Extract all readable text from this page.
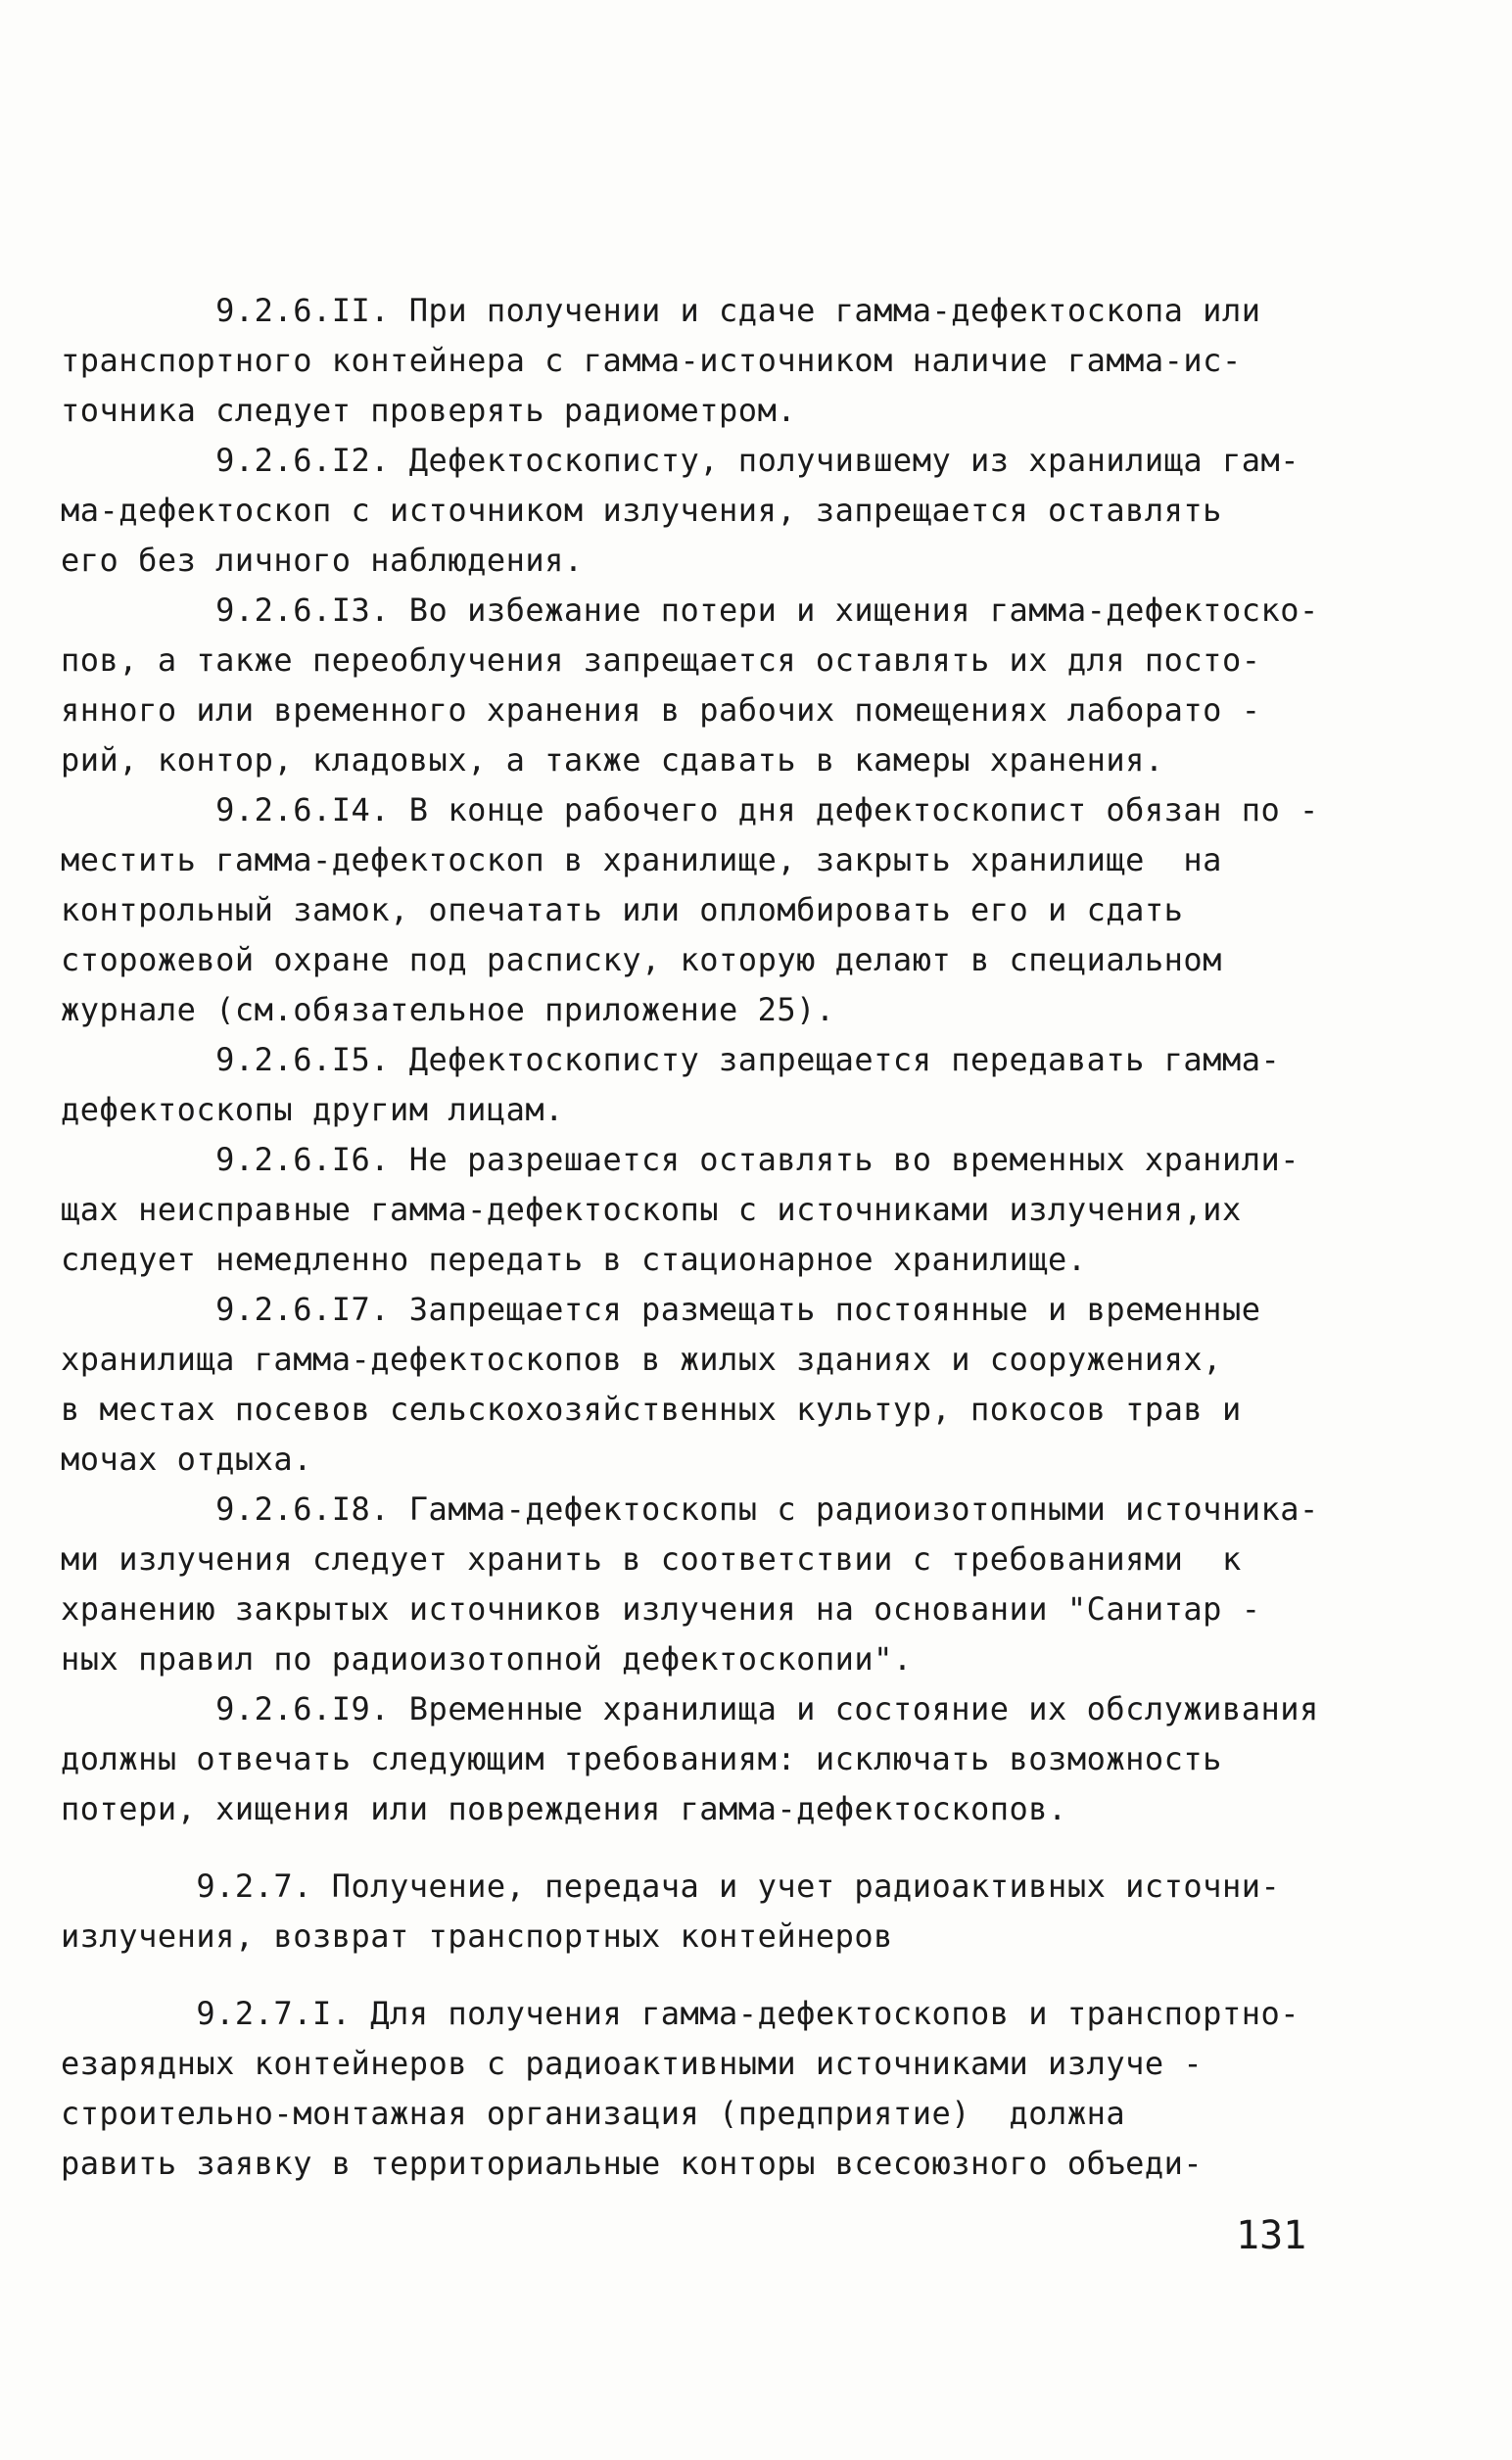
9.2.6.II. При получении и сдаче гамма-дефектоскопа или
транспортного контейнера с гамма-источником наличие гамма-ис-
точника следует проверять радиометром.
9.2.6.I2. Дефектоскописту, получившему из хранилища гам-
ма-дефектоскоп с источником излучения, запрещается оставлять
его без личного наблюдения.
9.2.6.I3. Во избежание потери и хищения гамма-дефектоско-
пов, а также переоблучения запрещается оставлять их для посто-
янного или временного хранения в рабочих помещениях лаборато -
рий, контор, кладовых, а также сдавать в камеры хранения.
9.2.6.I4. В конце рабочего дня дефектоскопист обязан по -
местить гамма-дефектоскоп в хранилище, закрыть хранилище  на
контрольный замок, опечатать или опломбировать его и сдать
сторожевой охране под расписку, которую делают в специальном
журнале (см.обязательное приложение 25).
9.2.6.I5. Дефектоскописту запрещается передавать гамма-
дефектоскопы другим лицам.
9.2.6.I6. Не разрешается оставлять во временных хранили-
щах неисправные гамма-дефектоскопы с источниками излучения,их
следует немедленно передать в стационарное хранилище.
9.2.6.I7. Запрещается размещать постоянные и временные
хранилища гамма-дефектоскопов в жилых зданиях и сооружениях,
в местах посевов сельскохозяйственных культур, покосов трав и
мочах отдыха.
9.2.6.I8. Гамма-дефектоскопы с радиоизотопными источника-
ми излучения следует хранить в соответствии с требованиями  к
хранению закрытых источников излучения на основании "Санитар -
ных правил по радиоизотопной дефектоскопии".
9.2.6.I9. Временные хранилища и состояние их обслуживания
должны отвечать следующим требованиям: исключать возможность
потери, хищения или повреждения гамма-дефектоскопов.
9.2.7. Получение, передача и учет радиоактивных источни-
излучения, возврат транспортных контейнеров
9.2.7.I. Для получения гамма-дефектоскопов и транспортно-
езарядных контейнеров с радиоактивными источниками излуче -
строительно-монтажная организация (предприятие)  должна
равить заявку в территориальные конторы всесоюзного объеди-
131
